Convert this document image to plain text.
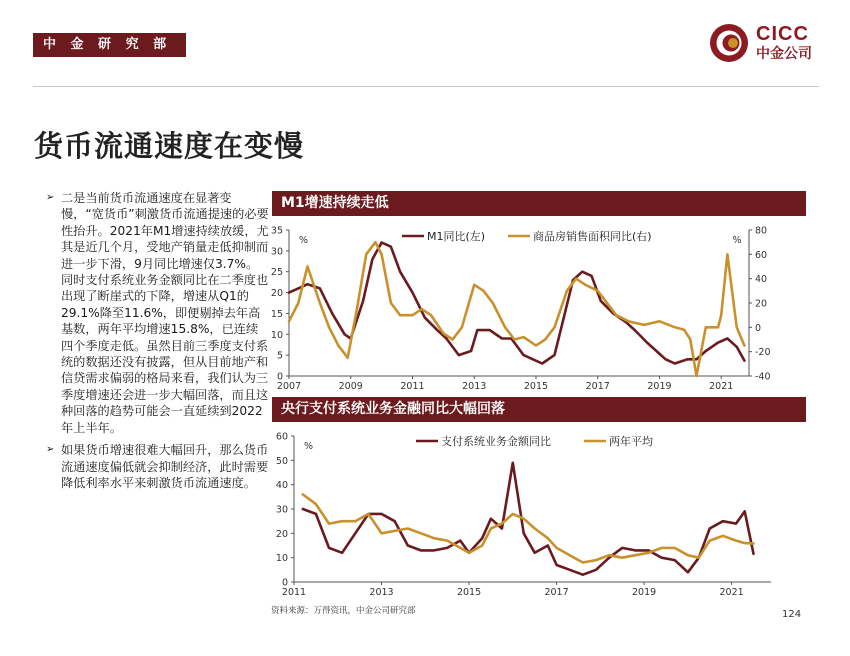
中 金 研 究 部	CICC
中金公司
货币流通速度在变慢
➢ 二是当前货币流通速度在显著变慢，“宽货币”刺激货币流通提速的必要性抬升。2021年M1增速持续放缓，尤其是近几个月，受地产销量走低抑制而进一步下滑，9月同比增速仅3.7%。同时支付系统业务金额同比在二季度也出现了断崖式的下降，增速从Q1的29.1%降至11.6%，即便剔掉去年高基数，两年平均增速15.8%，已连续四个季度走低。虽然目前三季度支付系统的数据还没有披露，但从目前地产和信贷需求偏弱的格局来看，我们认为三季度增速还会进一步大幅回落，而且这种回落的趋势可能会一直延续到2022年上半年。
➢ 如果货币增速很难大幅回升，那么货币流通速度偏低就会抑制经济，此时需要降低利率水平来刺激货币流通速度。
M1增速持续走低
0
5
10
15
20
25
30
35
-40
-20
0
20
40
60
80
2007	2009	2011	2013	2015	2017	2019	2021
%	%
M1同比(左)	商品房销售面积同比(右)
央行支付系统业务金融同比大幅回落
0
10
20
30
40
50
60
2011	2013	2015	2017	2019	2021
%	支付系统业务金额同比	两年平均
资料来源：万得资讯，中金公司研究部	124
